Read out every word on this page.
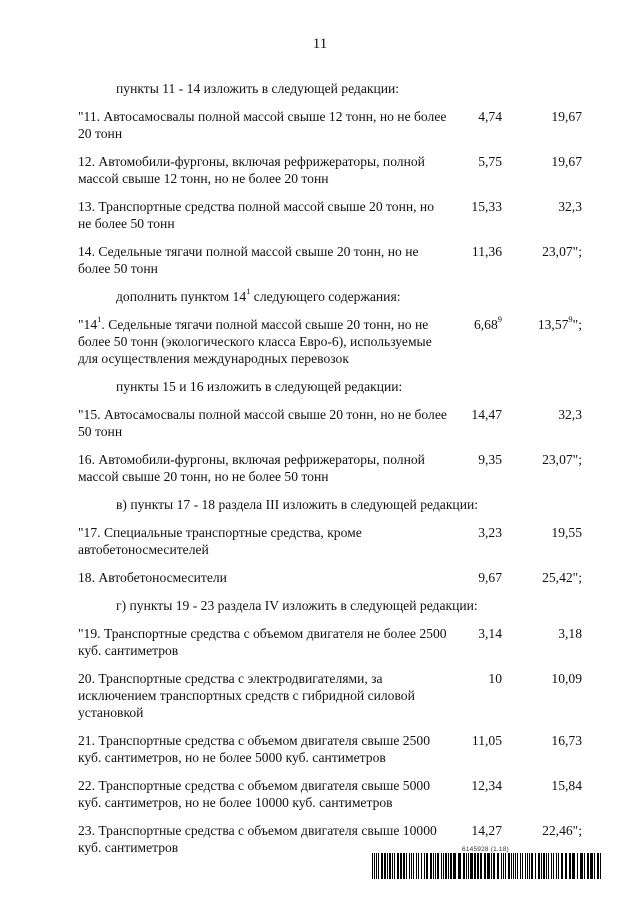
11
пункты 11 - 14 изложить в следующей редакции:
"11. Автосамосвалы полной массой свыше 12 тонн, но не более 20 тонн
4,74	19,67
12. Автомобили-фургоны, включая рефрижераторы, полной массой свыше 12 тонн, но не более 20 тонн
5,75	19,67
13. Транспортные средства полной массой свыше 20 тонн, но не более 50 тонн
15,33	32,3
14. Седельные тягачи полной массой свыше 20 тонн, но не более 50 тонн
11,36	23,07";
дополнить пунктом $14^1$ следующего содержания:
"$14^1$. Седельные тягачи полной массой свыше 20 тонн, но не более 50 тонн (экологического класса Евро-6), используемые для осуществления международных перевозок
6,68$^9$	13,57$^9$";
пункты 15 и 16 изложить в следующей редакции:
"15. Автосамосвалы полной массой свыше 20 тонн, но не более 50 тонн
14,47	32,3
16. Автомобили-фургоны, включая рефрижераторы, полной массой свыше 20 тонн, но не более 50 тонн
9,35	23,07";
в) пункты 17 - 18 раздела III изложить в следующей редакции:
"17. Специальные транспортные средства, кроме автобетоносмесителей
3,23	19,55
18. Автобетоносмесители	9,67	25,42";
г) пункты 19 - 23 раздела IV изложить в следующей редакции:
"19. Транспортные средства с объемом двигателя не более 2500 куб. сантиметров
3,14	3,18
20. Транспортные средства с электродвигателями, за исключением транспортных средств с гибридной силовой установкой
10	10,09
21. Транспортные средства с объемом двигателя свыше 2500 куб. сантиметров, но не более 5000 куб. сантиметров
11,05	16,73
22. Транспортные средства с объемом двигателя свыше 5000 куб. сантиметров, но не более 10000 куб. сантиметров
12,34	15,84
23. Транспортные средства с объемом двигателя свыше 10000 куб. сантиметров
14,27	22,46";
6145928 (1.18)
